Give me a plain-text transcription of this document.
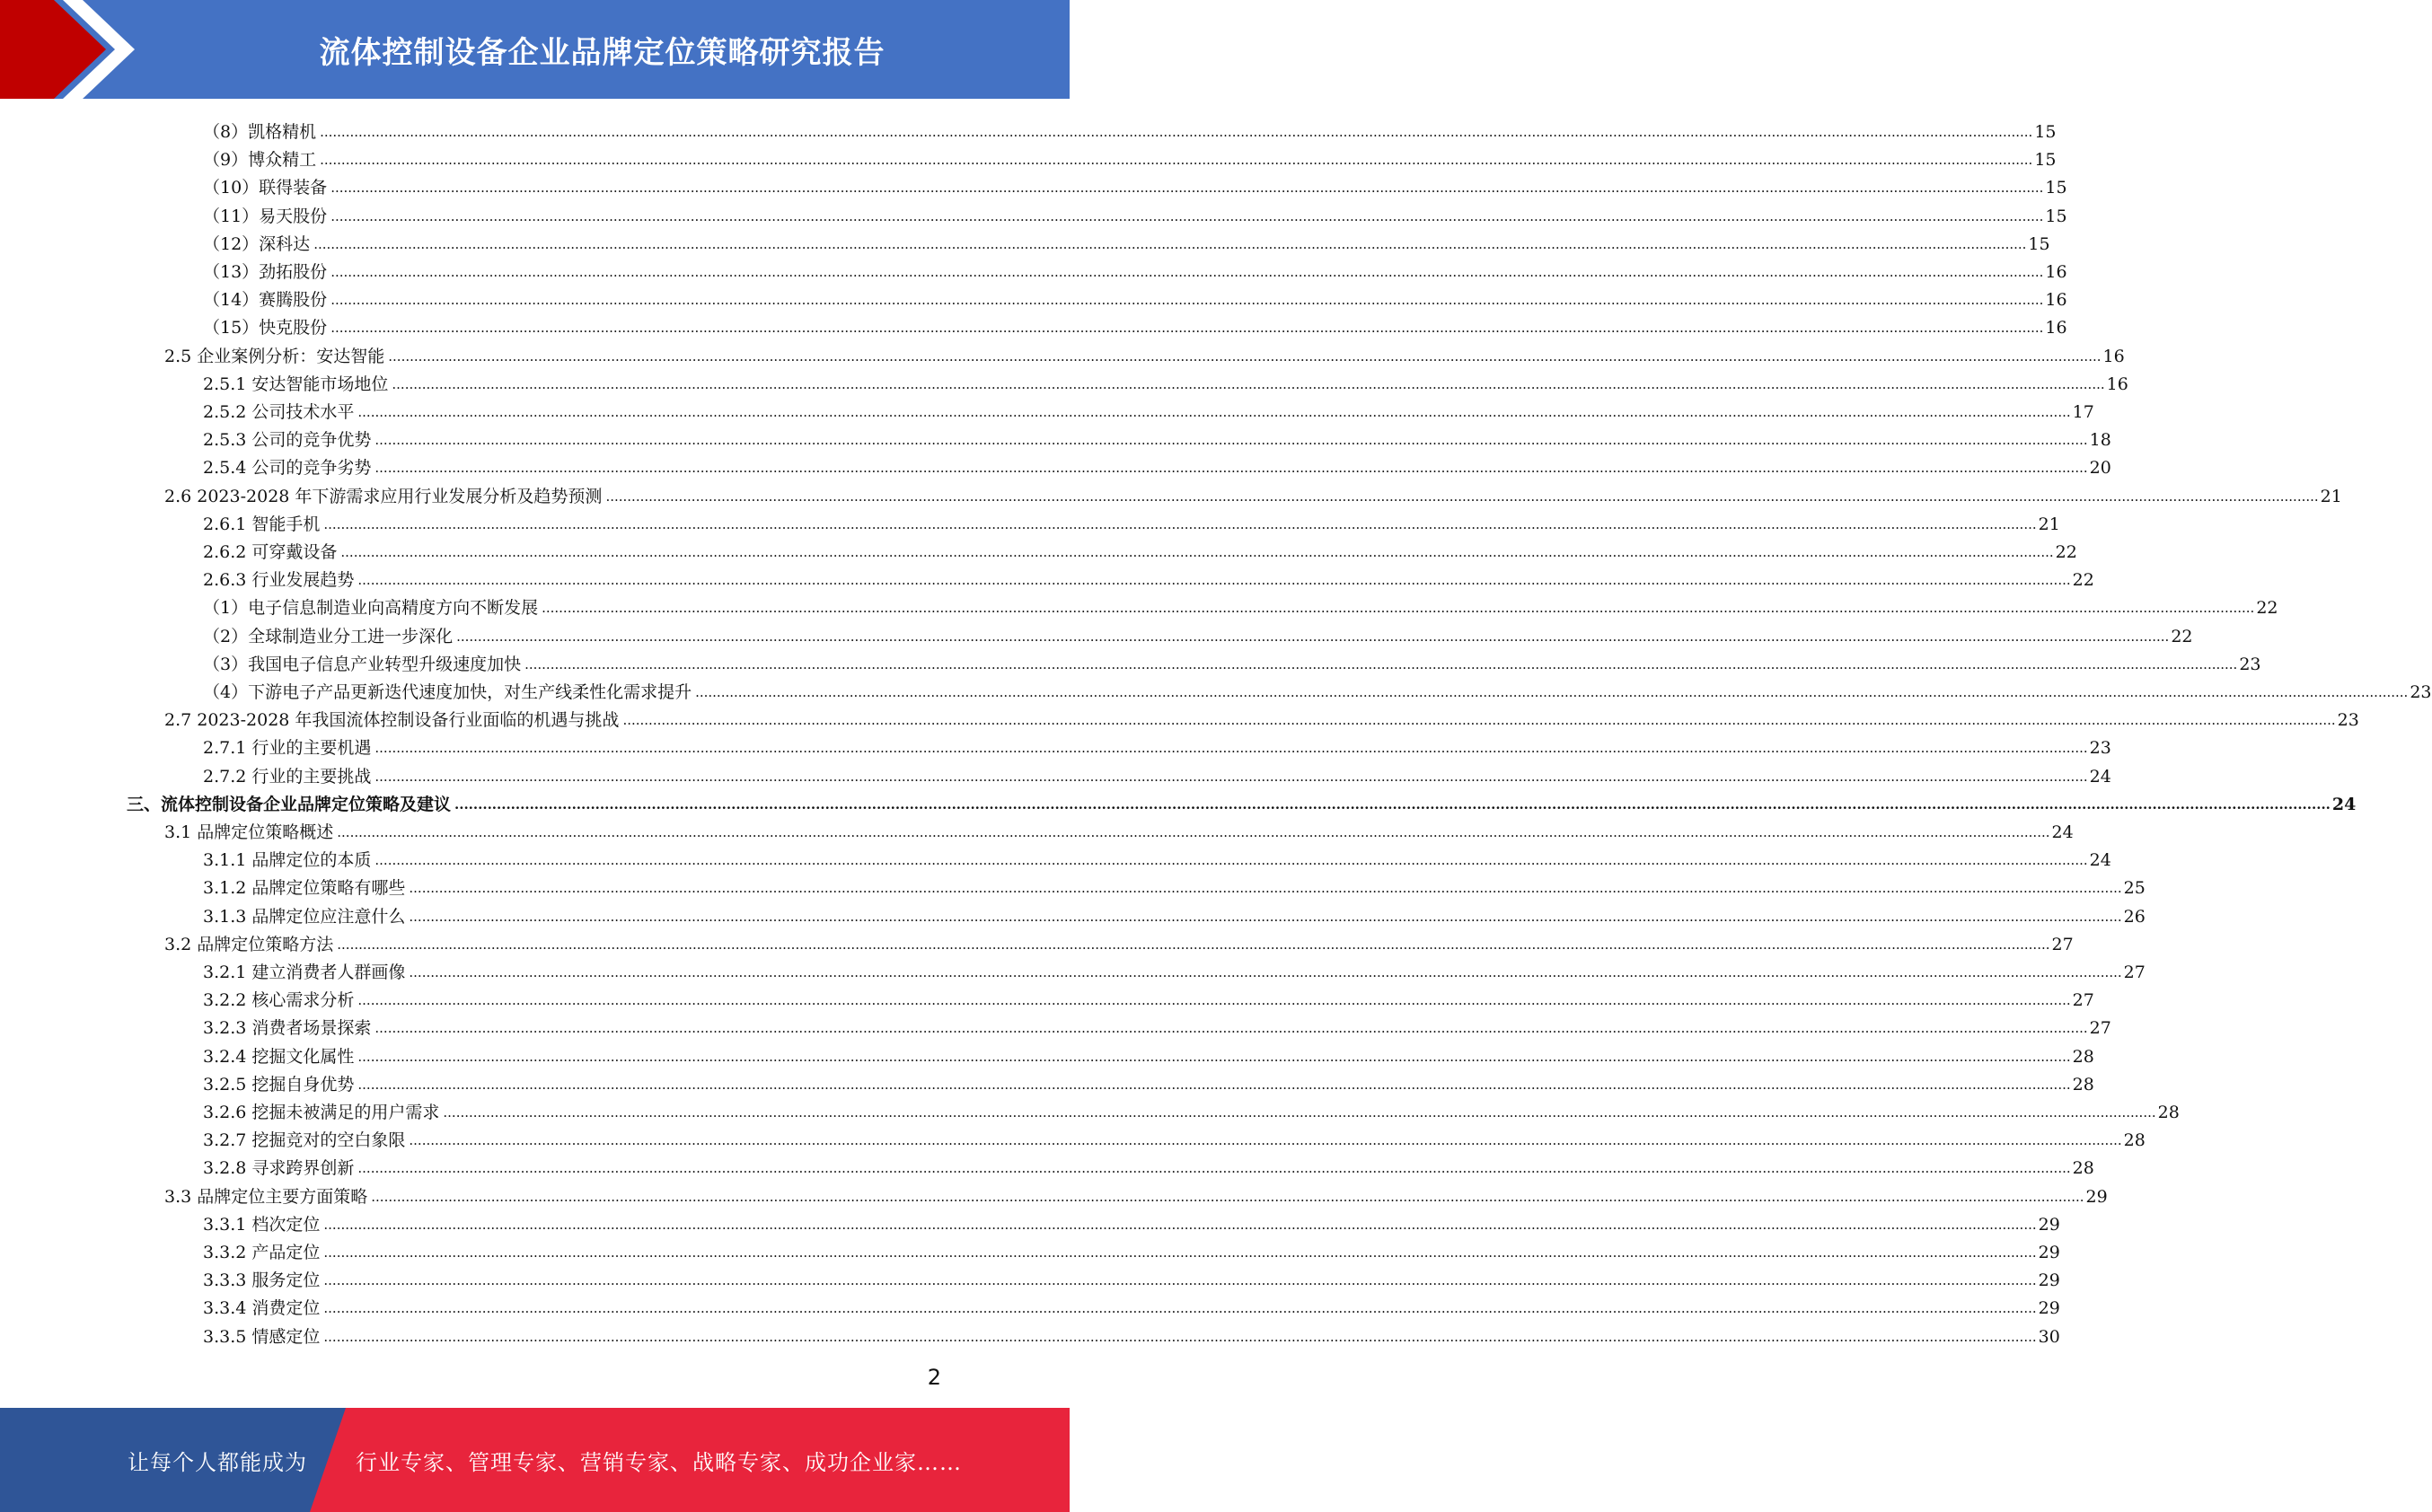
流体控制设备企业品牌定位策略研究报告
（8）凯格精机 ................................................................................................................................................................................................................................................................................................................................................................................................................ 15
（9）博众精工 ................................................................................................................................................................................................................................................................................................................................................................................................................ 15
（10）联得装备 ................................................................................................................................................................................................................................................................................................................................................................................................................ 15
（11）易天股份 ................................................................................................................................................................................................................................................................................................................................................................................................................ 15
（12）深科达 ................................................................................................................................................................................................................................................................................................................................................................................................................ 15
（13）劲拓股份 ................................................................................................................................................................................................................................................................................................................................................................................................................ 16
（14）赛腾股份 ................................................................................................................................................................................................................................................................................................................................................................................................................ 16
（15）快克股份 ................................................................................................................................................................................................................................................................................................................................................................................................................ 16
2.5 企业案例分析：安达智能 ................................................................................................................................................................................................................................................................................................................................................................................................................ 16
2.5.1 安达智能市场地位 ................................................................................................................................................................................................................................................................................................................................................................................................................ 16
2.5.2 公司技术水平 ................................................................................................................................................................................................................................................................................................................................................................................................................ 17
2.5.3 公司的竞争优势 ................................................................................................................................................................................................................................................................................................................................................................................................................ 18
2.5.4 公司的竞争劣势 ................................................................................................................................................................................................................................................................................................................................................................................................................ 20
2.6 2023-2028 年下游需求应用行业发展分析及趋势预测 ................................................................................................................................................................................................................................................................................................................................................................................................................ 21
2.6.1 智能手机 ................................................................................................................................................................................................................................................................................................................................................................................................................ 21
2.6.2 可穿戴设备 ................................................................................................................................................................................................................................................................................................................................................................................................................ 22
2.6.3 行业发展趋势 ................................................................................................................................................................................................................................................................................................................................................................................................................ 22
（1）电子信息制造业向高精度方向不断发展 ................................................................................................................................................................................................................................................................................................................................................................................................................ 22
（2）全球制造业分工进一步深化 ................................................................................................................................................................................................................................................................................................................................................................................................................ 22
（3）我国电子信息产业转型升级速度加快 ................................................................................................................................................................................................................................................................................................................................................................................................................ 23
（4）下游电子产品更新迭代速度加快，对生产线柔性化需求提升 ................................................................................................................................................................................................................................................................................................................................................................................................................ 23
2.7 2023-2028 年我国流体控制设备行业面临的机遇与挑战 ................................................................................................................................................................................................................................................................................................................................................................................................................ 23
2.7.1 行业的主要机遇 ................................................................................................................................................................................................................................................................................................................................................................................................................ 23
2.7.2 行业的主要挑战 ................................................................................................................................................................................................................................................................................................................................................................................................................ 24
三、流体控制设备企业品牌定位策略及建议 ................................................................................................................................................................................................................................................................................................................................................................................................................ 24
3.1 品牌定位策略概述 ................................................................................................................................................................................................................................................................................................................................................................................................................ 24
3.1.1 品牌定位的本质 ................................................................................................................................................................................................................................................................................................................................................................................................................ 24
3.1.2 品牌定位策略有哪些 ................................................................................................................................................................................................................................................................................................................................................................................................................ 25
3.1.3 品牌定位应注意什么 ................................................................................................................................................................................................................................................................................................................................................................................................................ 26
3.2 品牌定位策略方法 ................................................................................................................................................................................................................................................................................................................................................................................................................ 27
3.2.1 建立消费者人群画像 ................................................................................................................................................................................................................................................................................................................................................................................................................ 27
3.2.2 核心需求分析 ................................................................................................................................................................................................................................................................................................................................................................................................................ 27
3.2.3 消费者场景探索 ................................................................................................................................................................................................................................................................................................................................................................................................................ 27
3.2.4 挖掘文化属性 ................................................................................................................................................................................................................................................................................................................................................................................................................ 28
3.2.5 挖掘自身优势 ................................................................................................................................................................................................................................................................................................................................................................................................................ 28
3.2.6 挖掘未被满足的用户需求 ................................................................................................................................................................................................................................................................................................................................................................................................................ 28
3.2.7 挖掘竞对的空白象限 ................................................................................................................................................................................................................................................................................................................................................................................................................ 28
3.2.8 寻求跨界创新 ................................................................................................................................................................................................................................................................................................................................................................................................................ 28
3.3 品牌定位主要方面策略 ................................................................................................................................................................................................................................................................................................................................................................................................................ 29
3.3.1 档次定位 ................................................................................................................................................................................................................................................................................................................................................................................................................ 29
3.3.2 产品定位 ................................................................................................................................................................................................................................................................................................................................................................................................................ 29
3.3.3 服务定位 ................................................................................................................................................................................................................................................................................................................................................................................................................ 29
3.3.4 消费定位 ................................................................................................................................................................................................................................................................................................................................................................................................................ 29
3.3.5 情感定位 ................................................................................................................................................................................................................................................................................................................................................................................................................ 30
2
让每个人都能成为 行业专家、管理专家、营销专家、战略专家、成功企业家……
